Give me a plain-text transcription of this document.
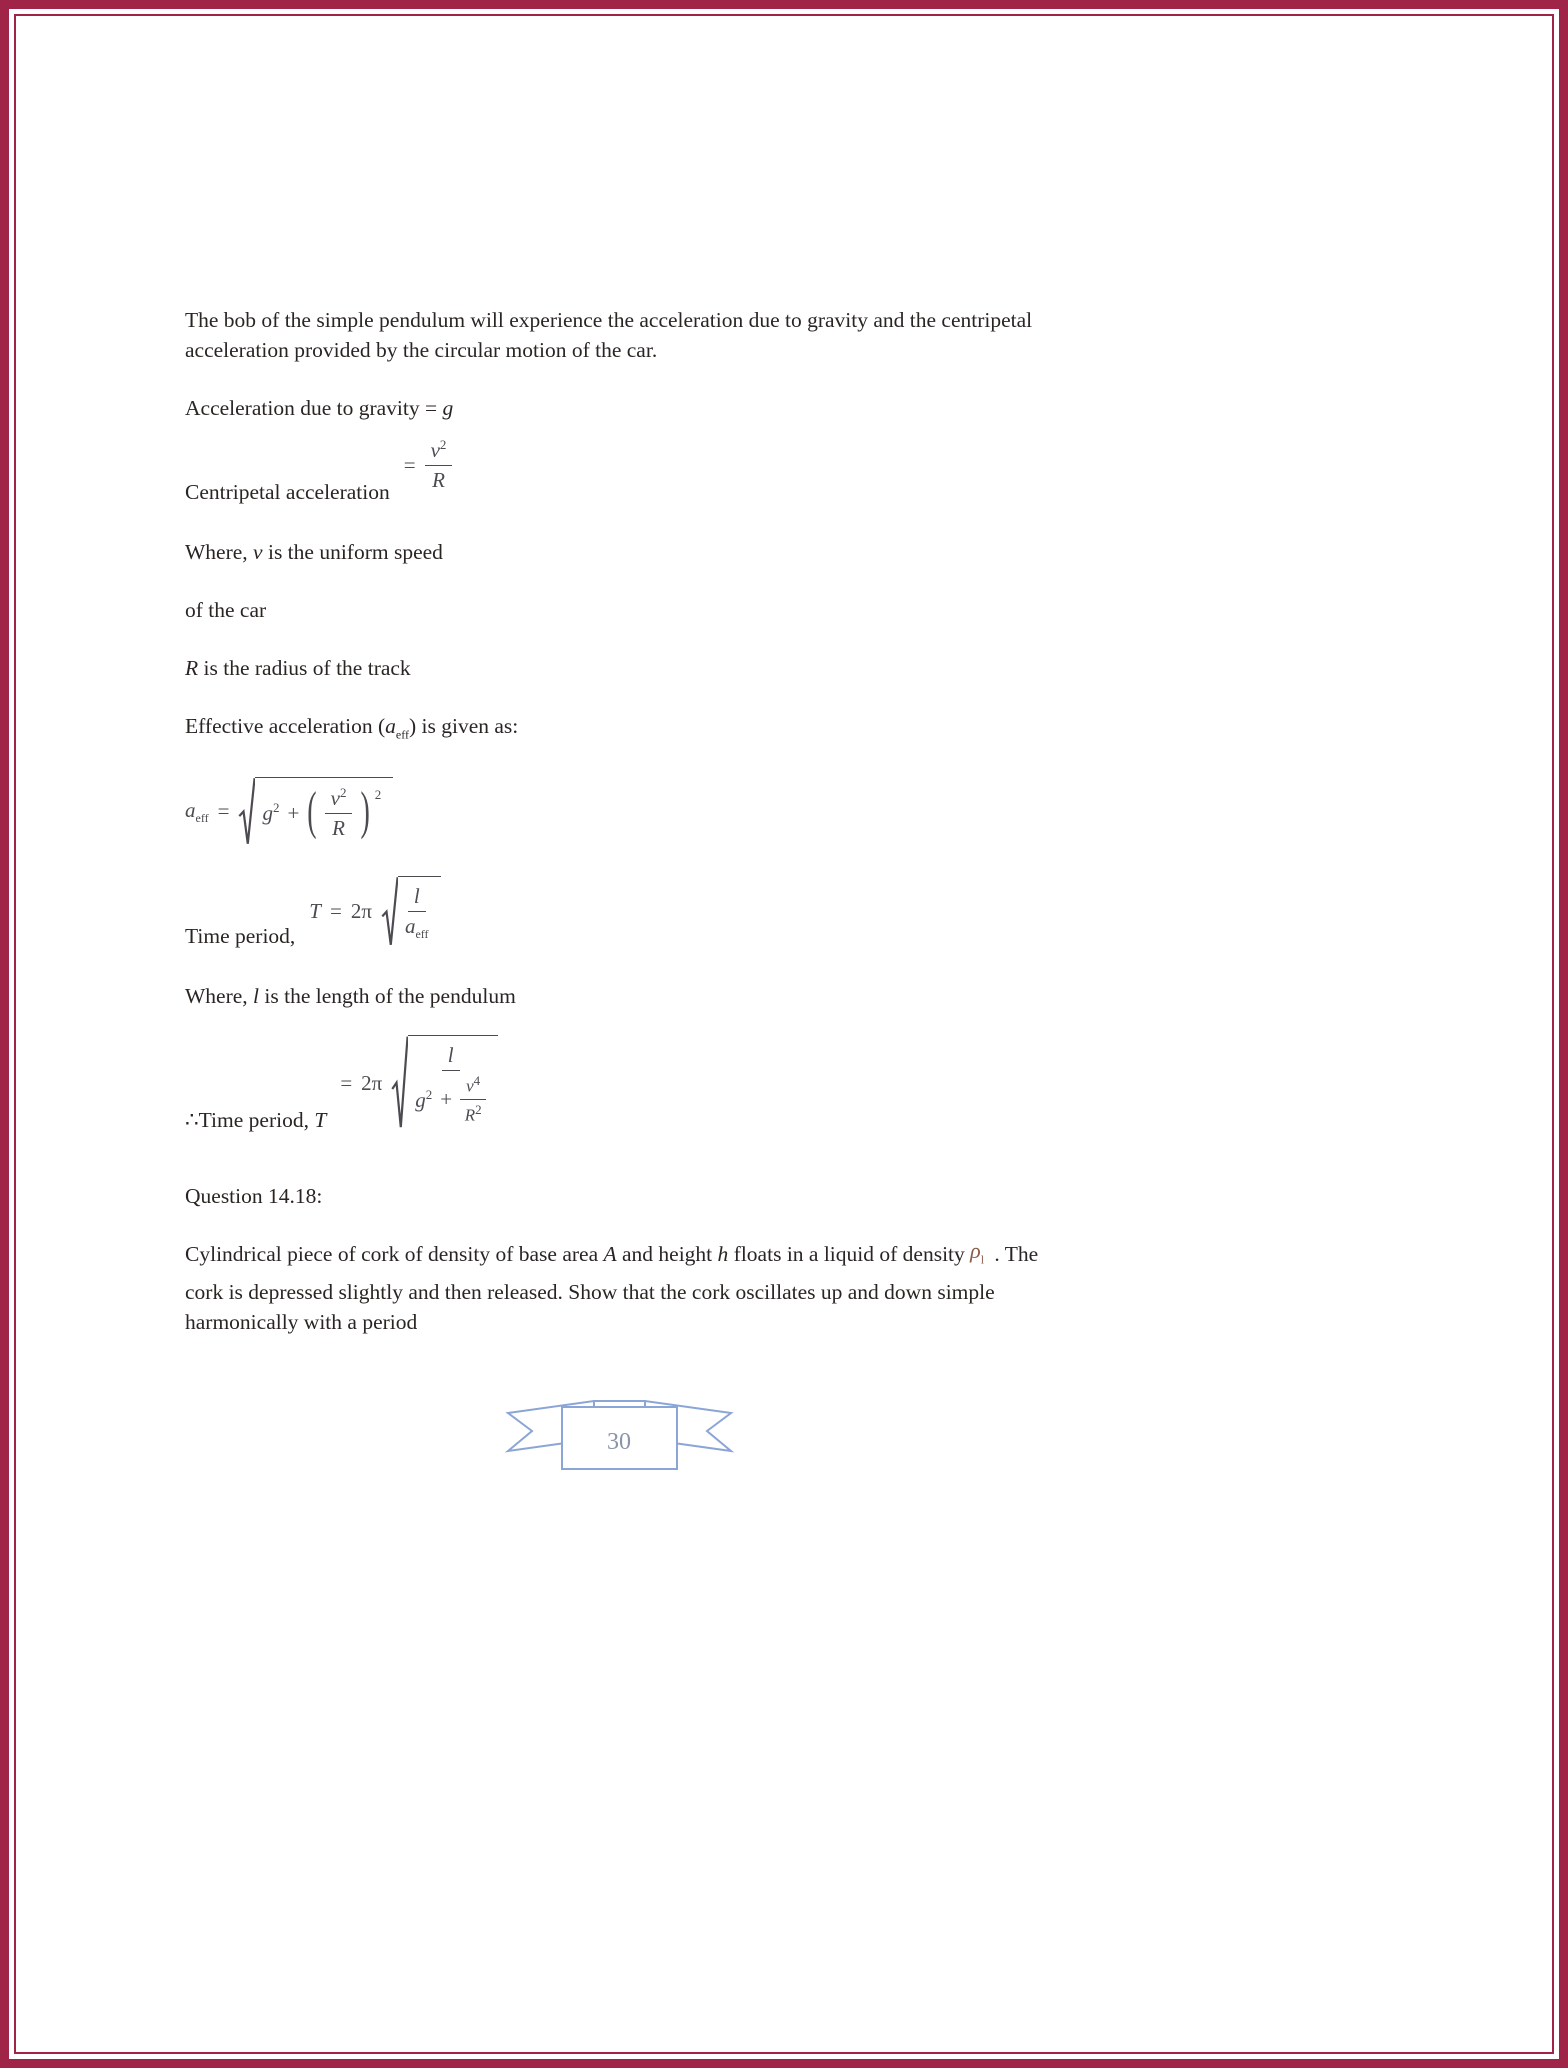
The bob of the simple pendulum will experience the acceleration due to gravity and the centripetal acceleration provided by the circular motion of the car.

Acceleration due to gravity = g

Centripetal acceleration
= $\frac{v^2}{R}$

Where, v is the uniform speed

of the car

R is the radius of the track

Effective acceleration $(a_{eff})$ is given as:

$a_{eff} = g^2$ + ( $\frac{v^2}{R}$ ) $^2$
Time period,
$T = 2\pi \frac{l}{a_{eff}}$

Where, l is the length of the pendulum

∴Time period, T
= 2π
l
$g^2 + \frac{v^4}{R^2}$

Question 14.18:

Cylindrical piece of cork of density of base area A and height h floats in a liquid of density $\rho_l$ . The cork is depressed slightly and then released. Show that the cork oscillates up and down simple harmonically with a period

30
